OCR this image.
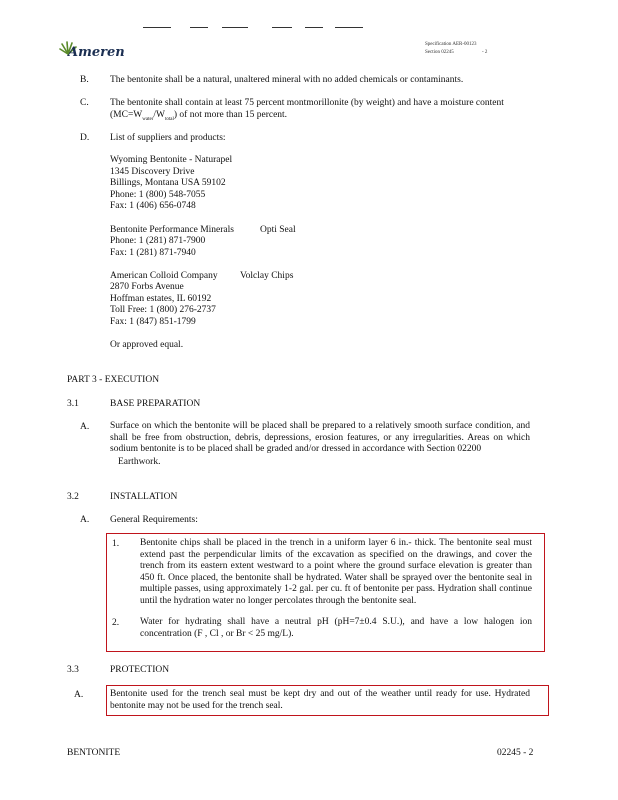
Ameren
Specification AER-00123
Section 02245	- 2
B. The bentonite shall be a natural, unaltered mineral with no added chemicals or contaminants.
C. The bentonite shall contain at least 75 percent montmorillonite (by weight) and have a moisture content
$(MC=W_{water}/W_{total})$ of not more than 15 percent.
D. List of suppliers and products:
Wyoming Bentonite - Naturapel
1345 Discovery Drive
Billings, Montana USA 59102
Phone: 1 (800) 548-7055
Fax: 1 (406) 656-0748
Bentonite Performance Minerals	Opti Seal
Phone: 1 (281) 871-7900
Fax: 1 (281) 871-7940
American Colloid Company Volclay Chips
2870 Forbs Avenue
Hoffman estates, IL 60192
Toll Free: 1 (800) 276-2737
Fax: 1 (847) 851-1799
Or approved equal.
PART 3 - EXECUTION
3.1	BASE PREPARATION
A. Surface on which the bentonite will be placed shall be prepared to a relatively smooth surface condition, and shall be free from obstruction, debris, depressions, erosion features, or any irregularities. Areas on which sodium bentonite is to be placed shall be graded and/or dressed in accordance with Section 02200
Earthwork.
3.2	INSTALLATION
A. General Requirements:
1. Bentonite chips shall be placed in the trench in a uniform layer 6 in.- thick. The bentonite seal must extend past the perpendicular limits of the excavation as specified on the drawings, and cover the trench from its eastern extent westward to a point where the ground surface elevation is greater than 450 ft. Once placed, the bentonite shall be hydrated. Water shall be sprayed over the bentonite seal in multiple passes, using approximately 1-2 gal. per cu. ft of bentonite per pass. Hydration shall continue until the hydration water no longer percolates through the bentonite seal.
2. Water for hydrating shall have a neutral pH (pH=7±0.4 S.U.), and have a low halogen ion concentration (F , Cl , or Br < 25 mg/L).
3.3	PROTECTION
A.	Bentonite used for the trench seal must be kept dry and out of the weather until ready for use. Hydrated bentonite may not be used for the trench seal.
BENTONITE	02245 - 2
